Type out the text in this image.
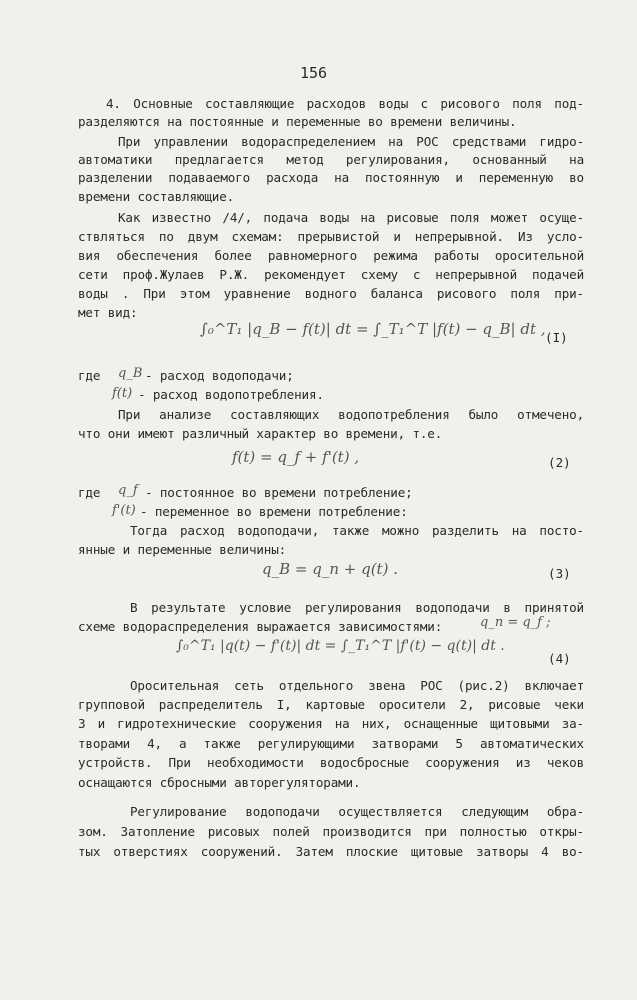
156
4. Основные составляющие расходов воды с рисового поля под-
разделяются на постоянные и переменные во времени величины.
При управлении водораспределением на РОС средствами гидро-
автоматики предлагается метод регулирования, основанный на
разделении подаваемого расхода на постоянную и переменную во
времени составляющие.
Как известно /4/, подача воды на рисовые поля может осуще-
ствляться по двум схемам: прерывистой и непрерывной. Из усло-
вия обеспечения более равномерного режима работы оросительной
сети проф.Жулаев Р.Ж. рекомендует схему с непрерывной подачей
воды . При этом уравнение водного баланса рисового поля при-
мет вид:
∫₀^T₁ |q_B − f(t)| dt = ∫_T₁^T |f(t) − q_B| dt , (I)
где q_B - расход водоподачи;
f(t) - расход водопотребления.
При анализе составляющих водопотребления было отмечено,
что они имеют различный характер во времени, т.е.
f(t) = q_f + f'(t) ,	(2)
где q_f - постоянное во времени потребление;
f'(t) - переменное во времени потребление:
Тогда расход водоподачи, также можно разделить на посто-
янные и переменные величины:
q_B = q_n + q(t) .	(3)
В результате условие регулирования водоподачи в принятой
схеме водораспределения выражается зависимостями:	q_n = q_f ;
∫₀^T₁ |q(t) − f'(t)| dt = ∫_T₁^T |f'(t) − q(t)| dt .
(4)
Оросительная сеть отдельного звена РОС (рис.2) включает
групповой распределитель I, картовые оросители 2, рисовые чеки
3 и гидротехнические сооружения на них, оснащенные щитовыми за-
творами 4, а также регулирующими затворами 5 автоматических
устройств. При необходимости водосбросные сооружения из чеков
оснащаются сбросными авторегуляторами.
Регулирование водоподачи осуществляется следующим обра-
зом. Затопление рисовых полей производится при полностью откры-
тых отверстиях сооружений. Затем плоские щитовые затворы 4 во-
